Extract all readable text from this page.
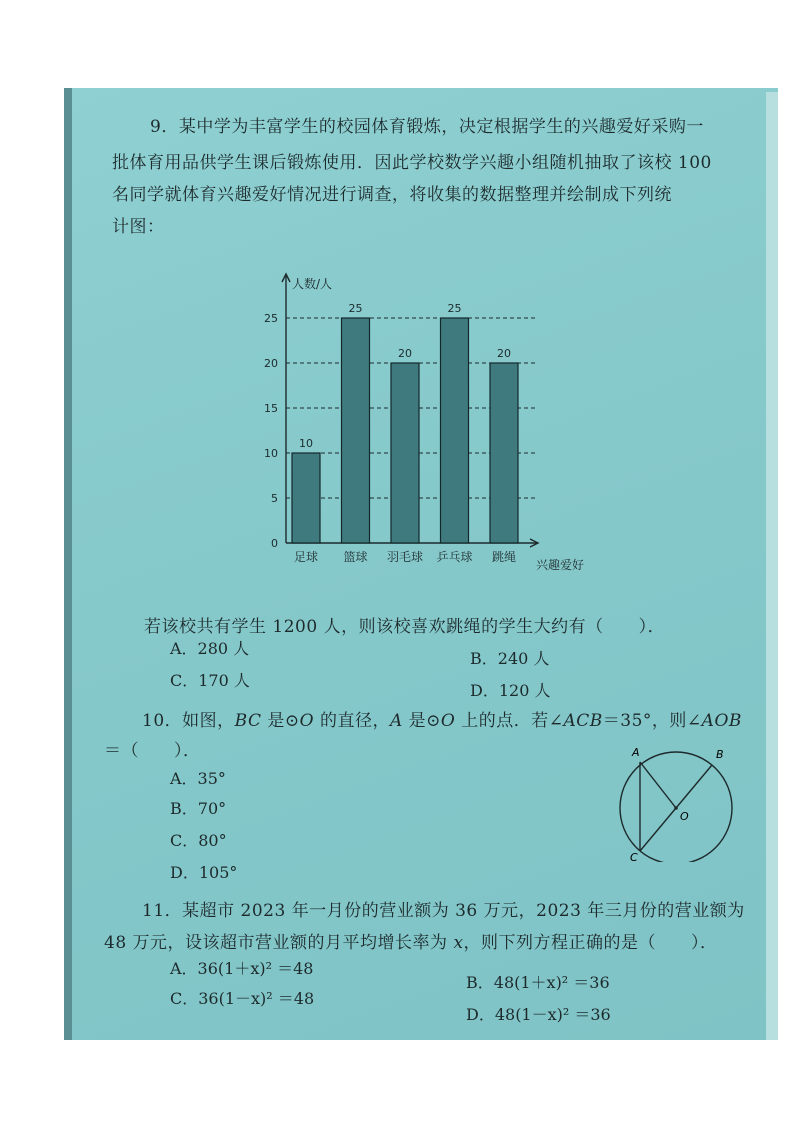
9．某中学为丰富学生的校园体育锻炼，决定根据学生的兴趣爱好采购一
批体育用品供学生课后锻炼使用．因此学校数学兴趣小组随机抽取了该校 100
名同学就体育兴趣爱好情况进行调查，将收集的数据整理并绘制成下列统
计图：
0
5
10
15
20
25
人数/人
兴趣爱好
10
足球
25
篮球
20
羽毛球
25
乒乓球
20
跳绳
若该校共有学生 1200 人，则该校喜欢跳绳的学生大约有（　　）．
A．280 人
B．240 人
C．170 人
D．120 人
10．如图，BC 是⊙O 的直径，A 是⊙O 上的点．若∠ACB＝35°，则∠AOB
＝（　　）．
A．35°
B．70°
C．80°
D．105°
A	B
C
O
11．某超市 2023 年一月份的营业额为 36 万元，2023 年三月份的营业额为
48 万元，设该超市营业额的月平均增长率为 x，则下列方程正确的是（　　）．
A．36(1＋x)² ＝48
B．48(1＋x)² ＝36
C．36(1－x)² ＝48
D．48(1－x)² ＝36
